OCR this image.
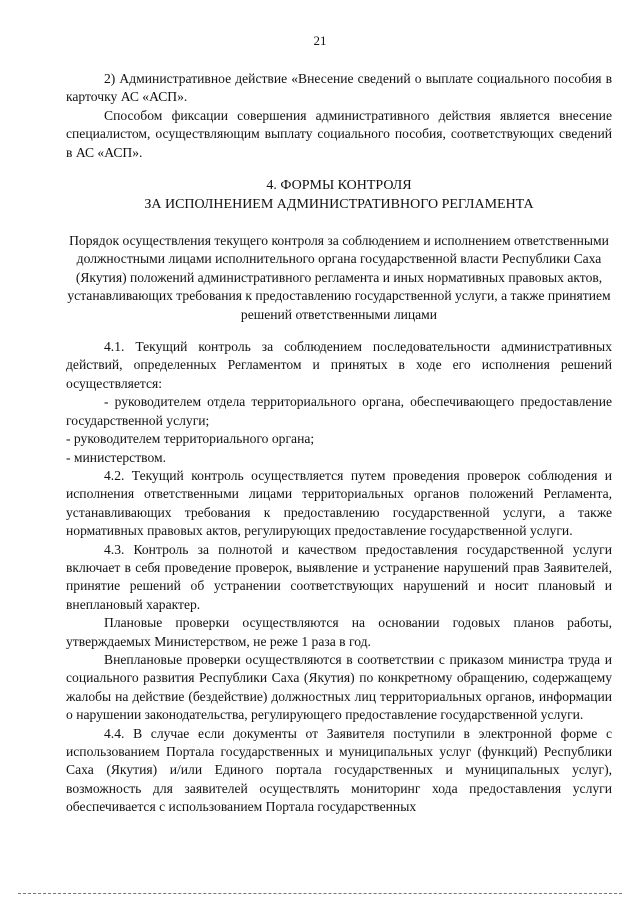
21

2) Административное действие «Внесение сведений о выплате социального пособия в карточку АС «АСП».

Способом фиксации совершения административного действия является внесение специалистом, осуществляющим выплату социального пособия, соответствующих сведений в АС «АСП».

4. ФОРМЫ КОНТРОЛЯ

ЗА ИСПОЛНЕНИЕМ АДМИНИСТРАТИВНОГО РЕГЛАМЕНТА

Порядок осуществления текущего контроля за соблюдением и исполнением ответственными должностными лицами исполнительного органа государственной власти Республики Саха (Якутия) положений административного регламента и иных нормативных правовых актов, устанавливающих требования к предоставлению государственной услуги, а также принятием решений ответственными лицами

4.1. Текущий контроль за соблюдением последовательности административных действий, определенных Регламентом и принятых в ходе его исполнения решений осуществляется:

- руководителем отдела территориального органа, обеспечивающего предоставление государственной услуги;

- руководителем территориального органа;

- министерством.

4.2. Текущий контроль осуществляется путем проведения проверок соблюдения и исполнения ответственными лицами территориальных органов положений Регламента, устанавливающих требования к предоставлению государственной услуги, а также нормативных правовых актов, регулирующих предоставление государственной услуги.

4.3. Контроль за полнотой и качеством предоставления государственной услуги включает в себя проведение проверок, выявление и устранение нарушений прав Заявителей, принятие решений об устранении соответствующих нарушений и носит плановый и внеплановый характер.

Плановые проверки осуществляются на основании годовых планов работы, утверждаемых Министерством, не реже 1 раза в год.

Внеплановые проверки осуществляются в соответствии с приказом министра труда и социального развития Республики Саха (Якутия) по конкретному обращению, содержащему жалобы на действие (бездействие) должностных лиц территориальных органов, информации о нарушении законодательства, регулирующего предоставление государственной услуги.

4.4. В случае если документы от Заявителя поступили в электронной форме с использованием Портала государственных и муниципальных услуг (функций) Республики Саха (Якутия) и/или Единого портала государственных и муниципальных услуг), возможность для заявителей осуществлять мониторинг хода предоставления услуги обеспечивается с использованием Портала государственных
